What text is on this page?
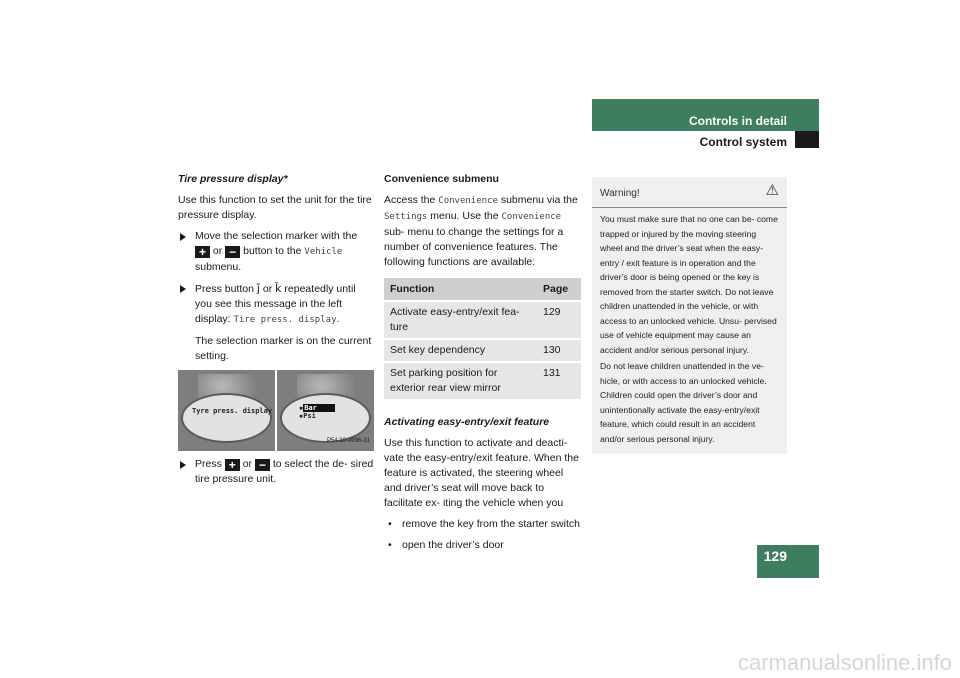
Controls in detail
Control system

Tire pressure display*

Use this function to set the unit for the tire pressure display.

Move the selection marker with the + or − button to the Vehicle submenu.
Press button ǰ or ǩ repeatedly until you see this message in the left display: Tire press. display.

The selection marker is on the current setting.

Tyre press. display	▪Bar
▪Psi
P54.30-4996-31
Press + or − to select the de- sired tire pressure unit.

Convenience submenu

Access the Convenience submenu via the Settings menu. Use the Convenience sub- menu to change the settings for a number of convenience features. The following functions are available:

Function	Page
Activate easy-entry/exit fea- ture	129
Set key dependency	130
Set parking position for exterior rear view mirror	131

Activating easy-entry/exit feature

Use this function to activate and deacti- vate the easy-entry/exit feature. When the feature is activated, the steering wheel and driver’s seat will move back to facilitate ex- iting the vehicle when you

• remove the key from the starter switch
• open the driver’s door
Warning!	⚠

You must make sure that no one can be- come trapped or injured by the moving steering wheel and the driver’s seat when the easy-entry / exit feature is in operation and the driver’s door is being opened or the key is removed from the starter switch. Do not leave children unattended in the vehicle, or with access to an unlocked vehicle. Unsu- pervised use of vehicle equipment may cause an accident and/or serious personal injury.

Do not leave children unattended in the ve- hicle, or with access to an unlocked vehicle. Children could open the driver’s door and unintentionally activate the easy-entry/exit feature, which could result in an accident and/or serious personal injury.

129
carmanualsonline.info
